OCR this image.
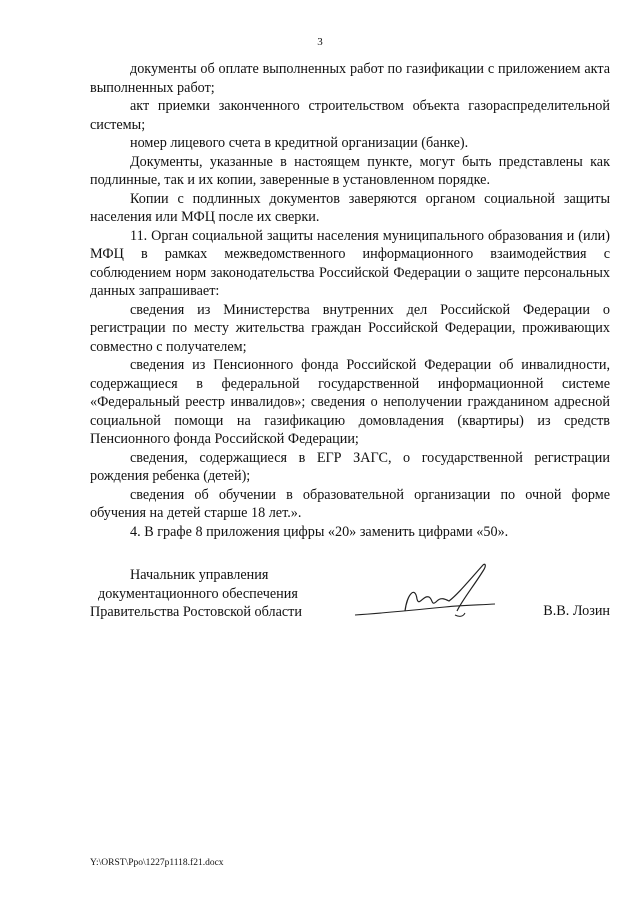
3

документы об оплате выполненных работ по газификации с приложением акта выполненных работ;

акт приемки законченного строительством объекта газораспределительной системы;

номер лицевого счета в кредитной организации (банке).

Документы, указанные в настоящем пункте, могут быть представлены как подлинные, так и их копии, заверенные в установленном порядке.

Копии с подлинных документов заверяются органом социальной защиты населения или МФЦ после их сверки.

11. Орган социальной защиты населения муниципального образования и (или) МФЦ в рамках межведомственного информационного взаимодействия с соблюдением норм законодательства Российской Федерации о защите персональных данных запрашивает:

сведения из Министерства внутренних дел Российской Федерации о регистрации по месту жительства граждан Российской Федерации, проживающих совместно с получателем;

сведения из Пенсионного фонда Российской Федерации об инвалидности, содержащиеся в федеральной государственной информационной системе «Федеральный реестр инвалидов»; сведения о неполучении гражданином адресной социальной помощи на газификацию домовладения (квартиры) из средств Пенсионного фонда Российской Федерации;

сведения, содержащиеся в ЕГР ЗАГС, о государственной регистрации рождения ребенка (детей);

сведения об обучении в образовательной организации по очной форме обучения на детей старше 18 лет.».

4. В графе 8 приложения цифры «20» заменить цифрами «50».

Начальник управления
документационного обеспечения
Правительства Ростовской области	В.В. Лозин
Y:\ORST\Ppo\1227p1118.f21.docx
